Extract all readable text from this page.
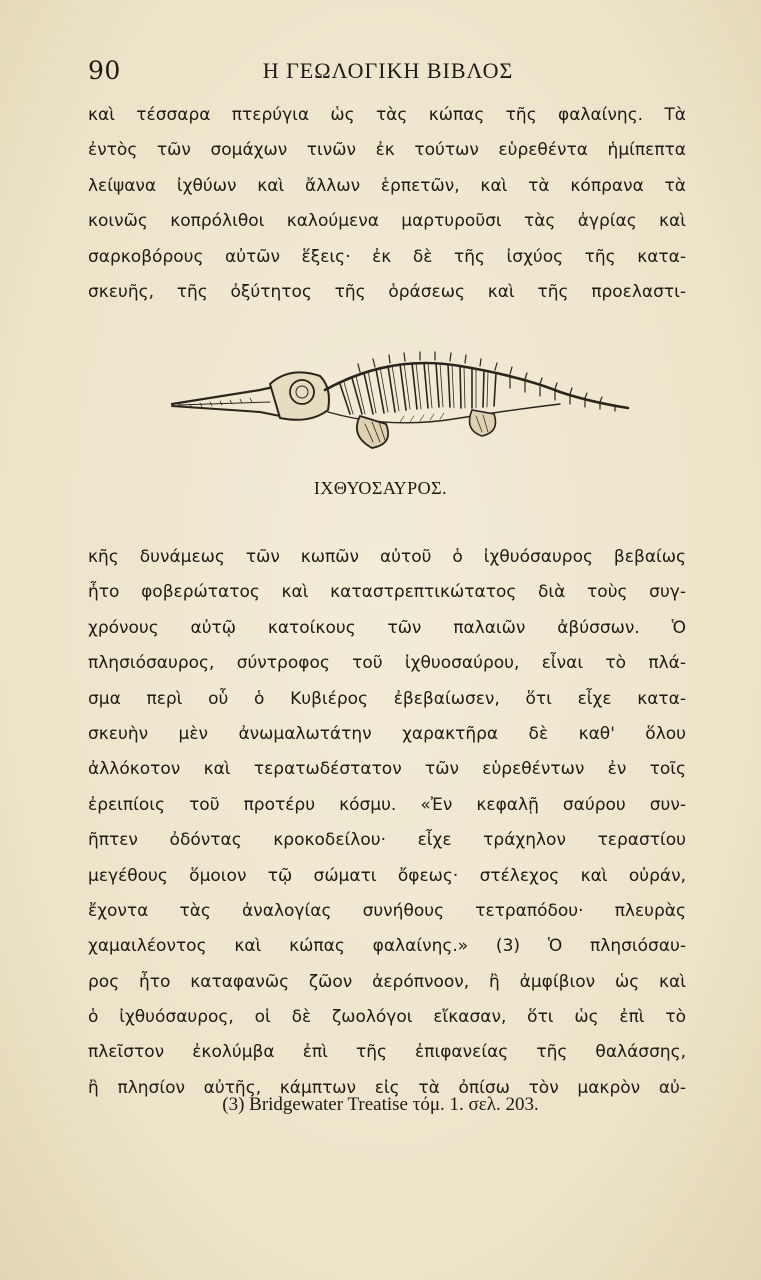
90	Η ΓΕΩΛΟΓΙΚΗ ΒΙΒΛΟΣ
καὶ τέσσαρα πτερύγια ὡς τὰς κώπας τῆς φαλαίνης. Τὰ
ἐντὸς τῶν σομάχων τινῶν ἐκ τούτων εὑρεθέντα ἡμίπεπτα
λείψανα ἰχθύων καὶ ἄλλων ἑρπετῶν, καὶ τὰ κόπρανα τὰ
κοινῶς κοπρόλιθοι καλούμενα μαρτυροῦσι τὰς ἀγρίας καὶ
σαρκοβόρους αὐτῶν ἕξεις· ἐκ δὲ τῆς ἰσχύος τῆς κατα-
σκευῆς, τῆς ὀξύτητος τῆς ὁράσεως καὶ τῆς προελαστι-
ΙΧΘΥΟΣΑΥΡΟΣ.
κῆς δυνάμεως τῶν κωπῶν αὐτοῦ ὁ ἰχθυόσαυρος βεβαίως
ἦτο φοβερώτατος καὶ καταστρεπτικώτατος διὰ τοὺς συγ-
χρόνους αὐτῷ κατοίκους τῶν παλαιῶν ἀβύσσων. Ὁ
πλησιόσαυρος, σύντροφος τοῦ ἰχθυοσαύρου, εἶναι τὸ πλά-
σμα περὶ οὗ ὁ Κυβιέρος ἐβεβαίωσεν, ὅτι εἶχε κατα-
σκευὴν μὲν ἀνωμαλωτάτην χαρακτῆρα δὲ καθ' ὅλου
ἀλλόκοτον καὶ τερατωδέστατον τῶν εὑρεθέντων ἐν τοῖς
ἐρειπίοις τοῦ προτέρυ κόσμυ. «Ἐν κεφαλῇ σαύρου συν-
ῆπτεν ὀδόντας κροκοδείλου· εἶχε τράχηλον τεραστίου
μεγέθους ὅμοιον τῷ σώματι ὄφεως· στέλεχος καὶ οὐράν,
ἔχοντα τὰς ἀναλογίας συνήθους τετραπόδου· πλευρὰς
χαμαιλέοντος καὶ κώπας φαλαίνης.» (3) Ὁ πλησιόσαυ-
ρος ἦτο καταφανῶς ζῶον ἀερόπνοον, ἢ ἀμφίβιον ὡς καὶ
ὁ ἰχθυόσαυρος, οἱ δὲ ζωολόγοι εἴκασαν, ὅτι ὡς ἐπὶ τὸ
πλεῖστον ἐκολύμβα ἐπὶ τῆς ἐπιφανείας τῆς θαλάσσης,
ἢ πλησίον αὐτῆς, κάμπτων εἰς τὰ ὀπίσω τὸν μακρὸν αὐ-
(3) Bridgewater Treatise τόμ. 1. σελ. 203.
